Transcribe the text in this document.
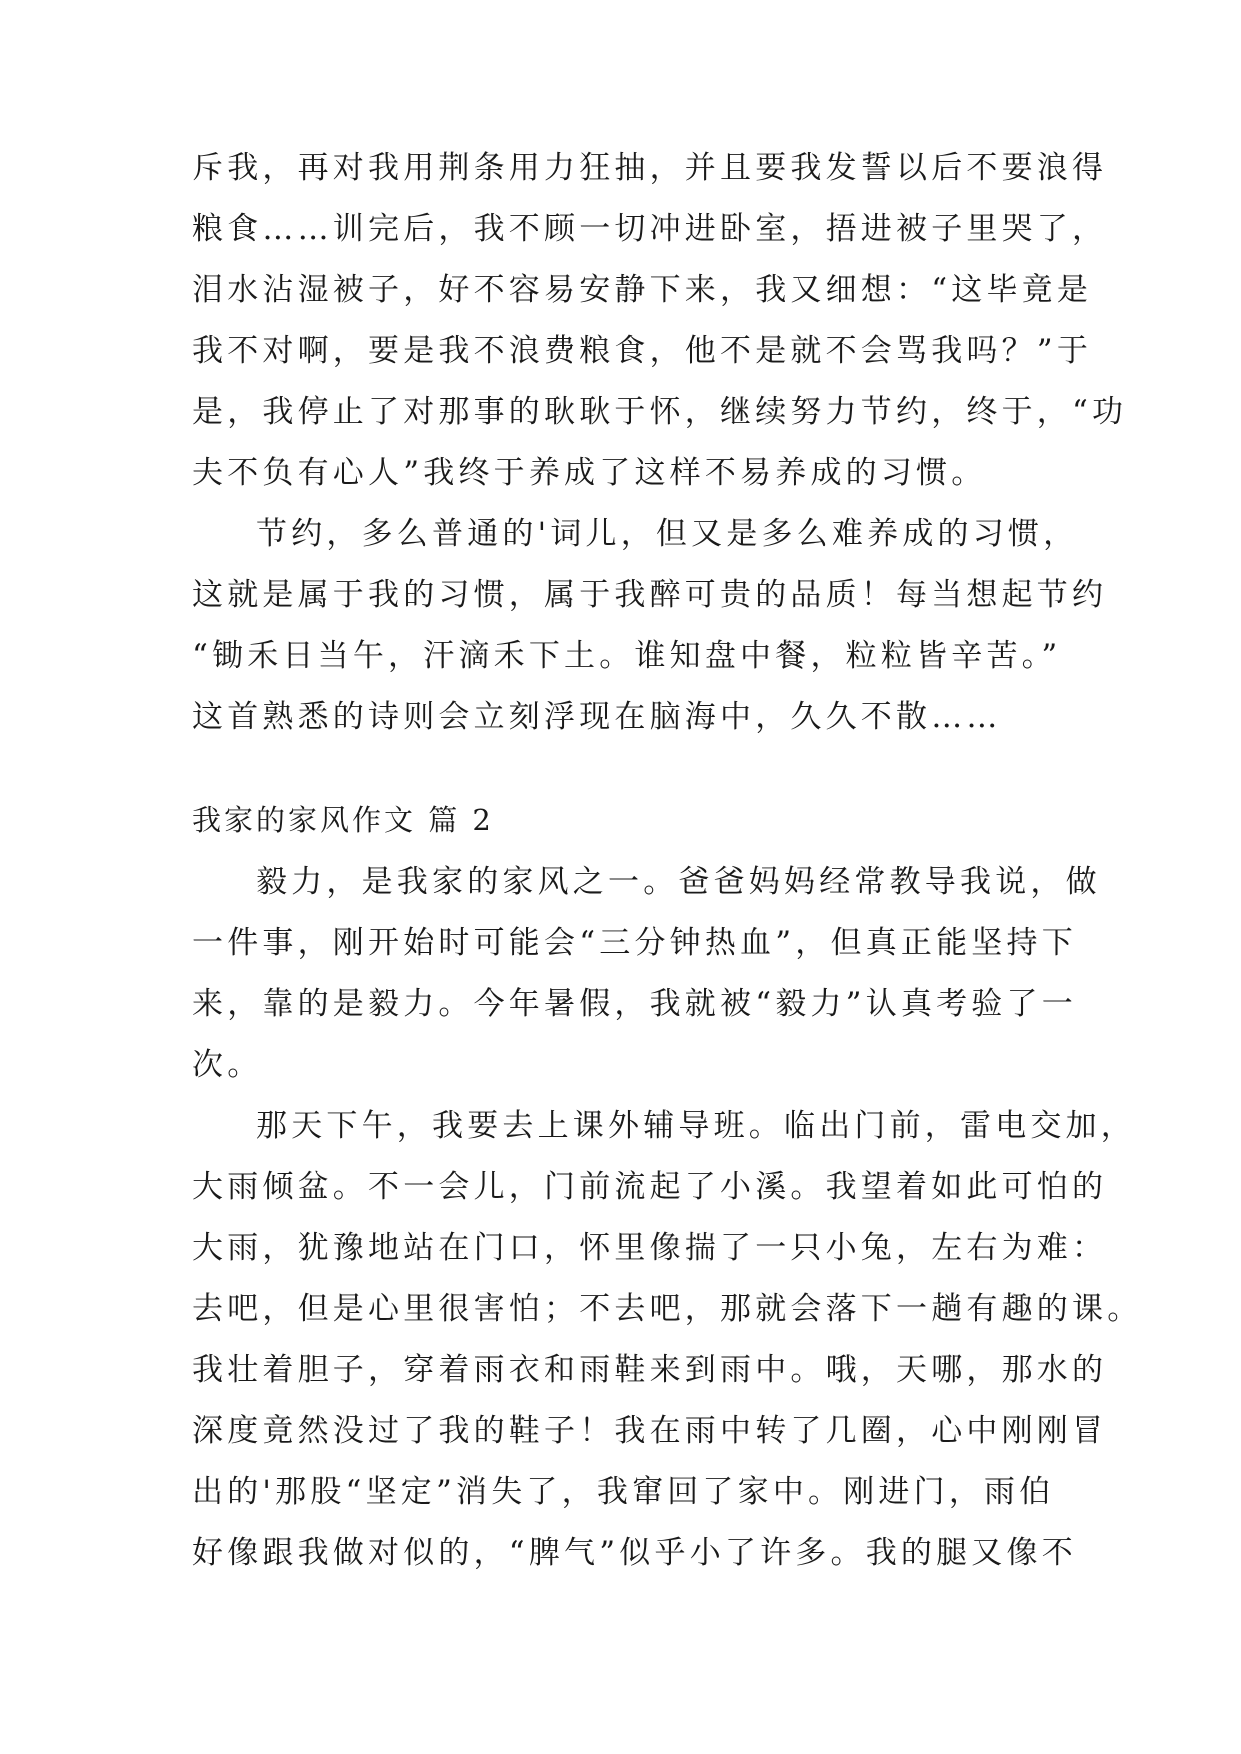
斥我，再对我用荆条用力狂抽，并且要我发誓以后不要浪得
粮食……训完后，我不顾一切冲进卧室，捂进被子里哭了，
泪水沾湿被子，好不容易安静下来，我又细想：“这毕竟是
我不对啊，要是我不浪费粮食，他不是就不会骂我吗？”于
是，我停止了对那事的耿耿于怀，继续努力节约，终于，“功
夫不负有心人”我终于养成了这样不易养成的习惯。
节约，多么普通的'词儿，但又是多么难养成的习惯，
这就是属于我的习惯，属于我醉可贵的品质！每当想起节约
“锄禾日当午，汗滴禾下土。谁知盘中餐，粒粒皆辛苦。”
这首熟悉的诗则会立刻浮现在脑海中，久久不散……
我家的家风作文 篇 2
毅力，是我家的家风之一。爸爸妈妈经常教导我说，做
一件事，刚开始时可能会“三分钟热血”，但真正能坚持下
来，靠的是毅力。今年暑假，我就被“毅力”认真考验了一
次。
那天下午，我要去上课外辅导班。临出门前，雷电交加，
大雨倾盆。不一会儿，门前流起了小溪。我望着如此可怕的
大雨，犹豫地站在门口，怀里像揣了一只小兔，左右为难：
去吧，但是心里很害怕；不去吧，那就会落下一趟有趣的课。
我壮着胆子，穿着雨衣和雨鞋来到雨中。哦，天哪，那水的
深度竟然没过了我的鞋子！我在雨中转了几圈，心中刚刚冒
出的'那股“坚定”消失了，我窜回了家中。刚进门，雨伯
好像跟我做对似的，“脾气”似乎小了许多。我的腿又像不
